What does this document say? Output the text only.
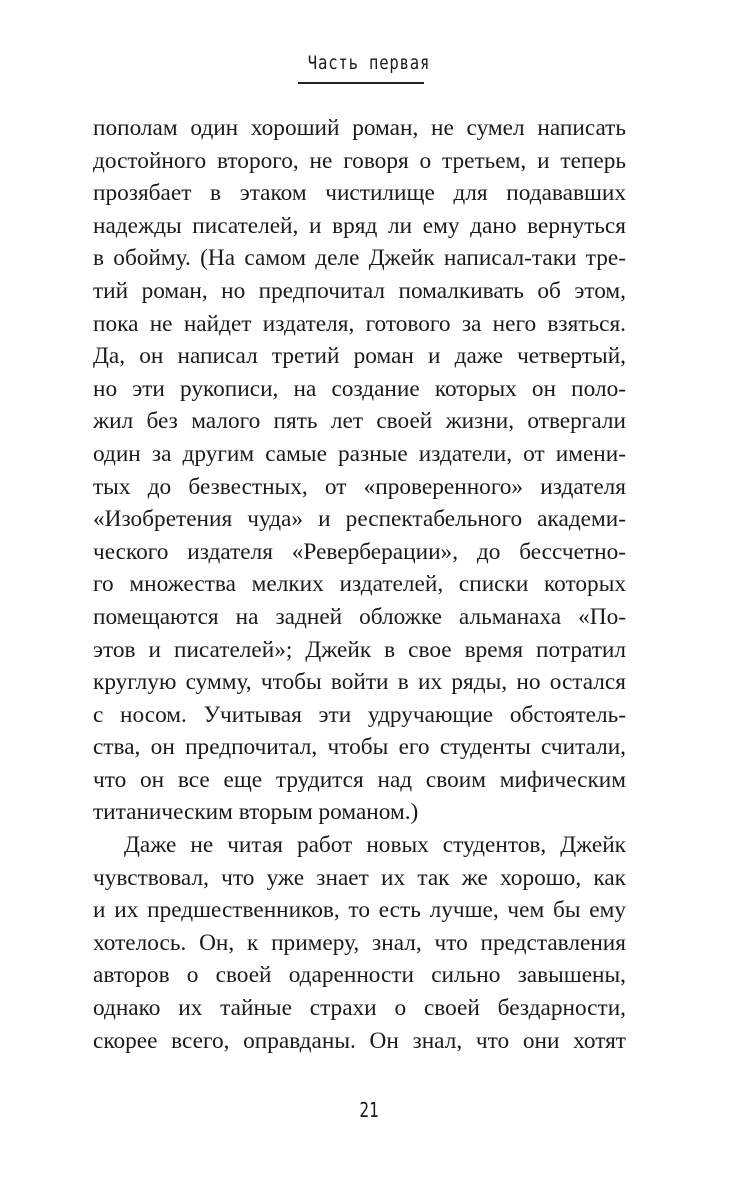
Часть первая
пополам один хороший роман, не сумел написать
достойного второго, не говоря о третьем, и теперь
прозябает в этаком чистилище для подававших
надежды писателей, и вряд ли ему дано вернуться
в обойму. (На самом деле Джейк написал-таки тре-
тий роман, но предпочитал помалкивать об этом,
пока не найдет издателя, готового за него взяться.
Да, он написал третий роман и даже четвертый,
но эти рукописи, на создание которых он поло-
жил без малого пять лет своей жизни, отвергали
один за другим самые разные издатели, от имени-
тых до безвестных, от «проверенного» издателя
«Изобретения чуда» и респектабельного академи-
ческого издателя «Реверберации», до бессчетно-
го множества мелких издателей, списки которых
помещаются на задней обложке альманаха «По-
этов и писателей»; Джейк в свое время потратил
круглую сумму, чтобы войти в их ряды, но остался
с носом. Учитывая эти удручающие обстоятель-
ства, он предпочитал, чтобы его студенты считали,
что он все еще трудится над своим мифическим
титаническим вторым романом.)
Даже не читая работ новых студентов, Джейк
чувствовал, что уже знает их так же хорошо, как
и их предшественников, то есть лучше, чем бы ему
хотелось. Он, к примеру, знал, что представления
авторов о своей одаренности сильно завышены,
однако их тайные страхи о своей бездарности,
скорее всего, оправданы. Он знал, что они хотят
21
